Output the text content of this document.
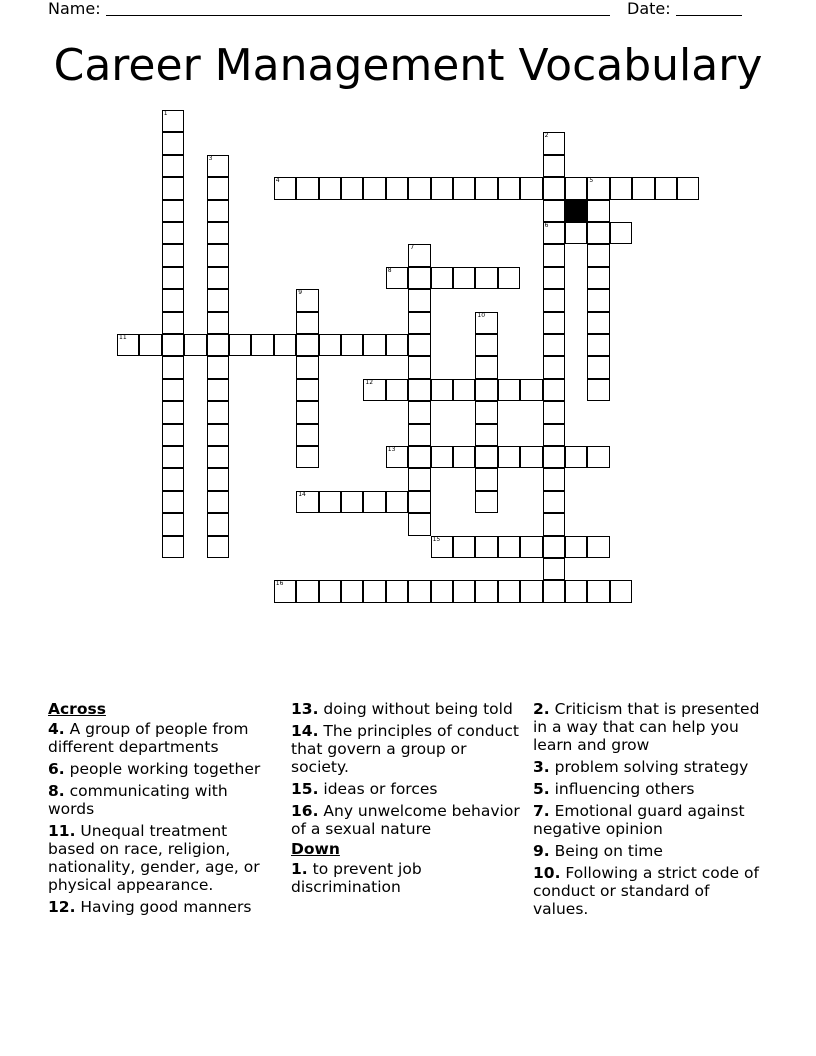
Name:	Date:
Career Management Vocabulary
1
2
6
3
4	5
7
8
9
10
11
12
13
14
15
16
Across
4. A group of people from different departments
6. people working together
8. communicating with words
11. Unequal treatment based on race, religion, nationality, gender, age, or physical appearance.
12. Having good manners
13. doing without being told
14. The principles of conduct that govern a group or society.
15. ideas or forces
16. Any unwelcome behavior of a sexual nature
Down
1. to prevent job discrimination
2. Criticism that is presented in a way that can help you learn and grow
3. problem solving strategy
5. influencing others
7. Emotional guard against negative opinion
9. Being on time
10. Following a strict code of conduct or standard of values.
